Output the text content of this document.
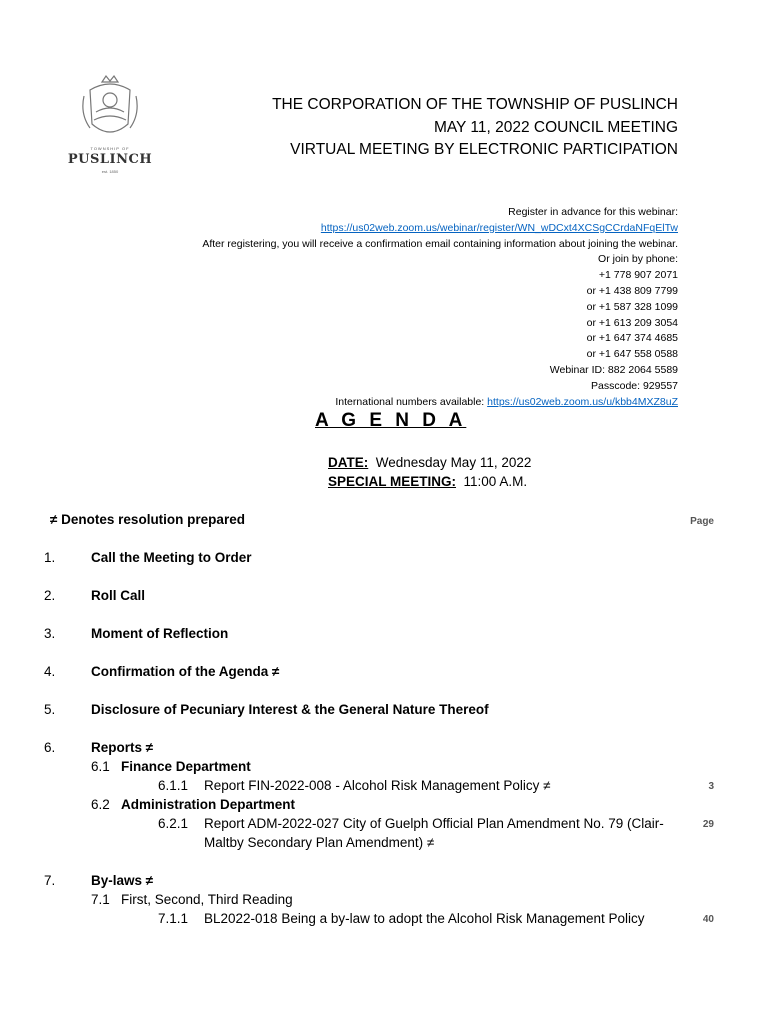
TOWNSHIP OF
PUSLINCH
est. 1850
THE CORPORATION OF THE TOWNSHIP OF PUSLINCH
MAY 11, 2022 COUNCIL MEETING
VIRTUAL MEETING BY ELECTRONIC PARTICIPATION
Register in advance for this webinar:
https://us02web.zoom.us/webinar/register/WN_wDCxt4XCSgCCrdaNFqElTw
After registering, you will receive a confirmation email containing information about joining the webinar.
Or join by phone:
+1 778 907 2071
or +1 438 809 7799
or +1 587 328 1099
or +1 613 209 3054
or +1 647 374 4685
or +1 647 558 0588
Webinar ID: 882 2064 5589
Passcode: 929557
International numbers available: https://us02web.zoom.us/u/kbb4MXZ8uZ
A G E N D A
DATE: Wednesday May 11, 2022
SPECIAL MEETING: 11:00 A.M.
≠ Denotes resolution prepared	Page
1.	Call the Meeting to Order
2.	Roll Call
3.	Moment of Reflection
4.	Confirmation of the Agenda ≠
5.	Disclosure of Pecuniary Interest & the General Nature Thereof
6.	Reports ≠
6.1 Finance Department
6.1.1 Report FIN-2022-008 - Alcohol Risk Management Policy ≠	3
6.2 Administration Department
6.2.1 Report ADM-2022-027 City of Guelph Official Plan Amendment No. 79 (Clair-	29
Maltby Secondary Plan Amendment) ≠
7.	By-laws ≠
7.1 First, Second, Third Reading
7.1.1 BL2022-018 Being a by-law to adopt the Alcohol Risk Management Policy	40
